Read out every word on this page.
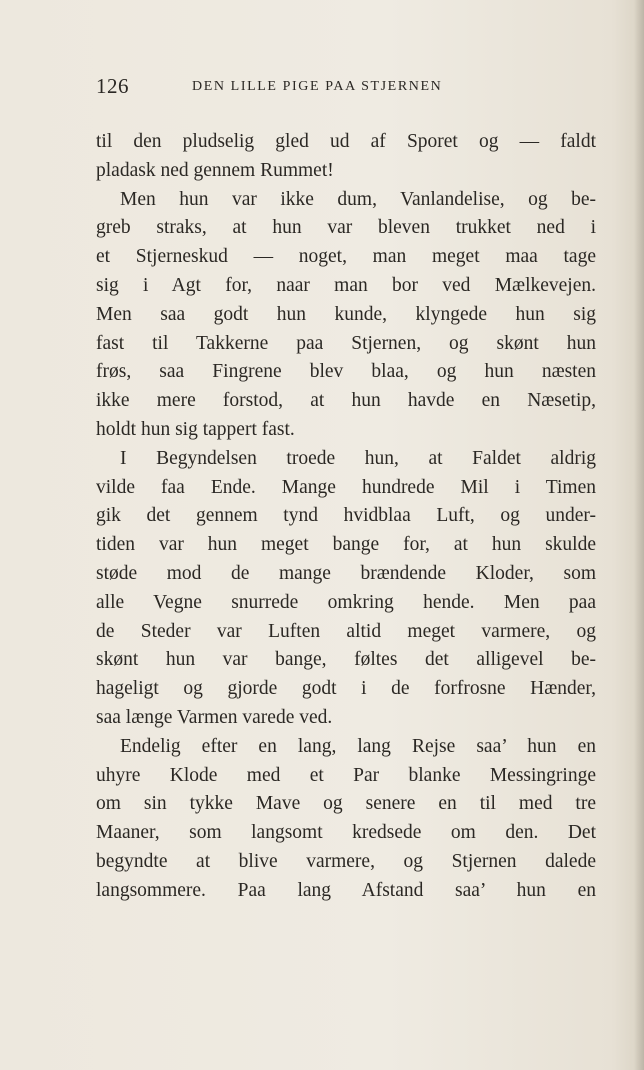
126	DEN LILLE PIGE PAA STJERNEN
til den pludselig gled ud af Sporet og — faldt
pladask ned gennem Rummet!
Men hun var ikke dum, Vanlandelise, og be-
greb straks, at hun var bleven trukket ned i
et Stjerneskud — noget, man meget maa tage
sig i Agt for, naar man bor ved Mælkevejen.
Men saa godt hun kunde, klyngede hun sig
fast til Takkerne paa Stjernen, og skønt hun
frøs, saa Fingrene blev blaa, og hun næsten
ikke mere forstod, at hun havde en Næsetip,
holdt hun sig tappert fast.
I Begyndelsen troede hun, at Faldet aldrig
vilde faa Ende. Mange hundrede Mil i Timen
gik det gennem tynd hvidblaa Luft, og under-
tiden var hun meget bange for, at hun skulde
støde mod de mange brændende Kloder, som
alle Vegne snurrede omkring hende. Men paa
de Steder var Luften altid meget varmere, og
skønt hun var bange, føltes det alligevel be-
hageligt og gjorde godt i de forfrosne Hænder,
saa længe Varmen varede ved.
Endelig efter en lang, lang Rejse saa’ hun en
uhyre Klode med et Par blanke Messingringe
om sin tykke Mave og senere en til med tre
Maaner, som langsomt kredsede om den. Det
begyndte at blive varmere, og Stjernen dalede
langsommere. Paa lang Afstand saa’ hun en
